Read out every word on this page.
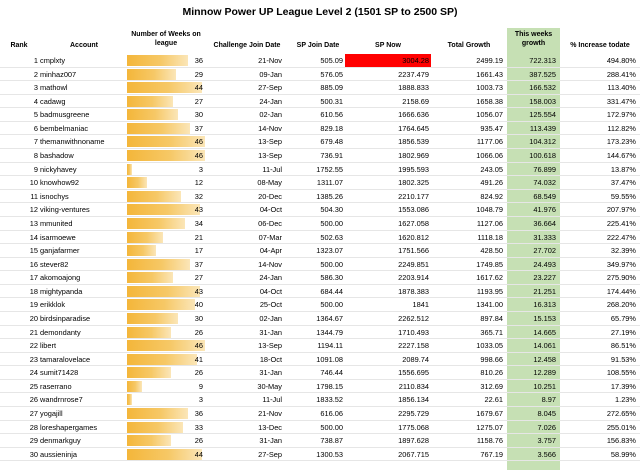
Minnow Power UP League Level 2 (1501 SP to 2500 SP)
Rank	Account
Number of Weeks on league	Challenge Join Date	SP Join Date	SP Now	Total Growth
This weeks growth	% Increase todate
1 cmplxty	36	21-Nov	505.09	3004.28	2499.19	722.313	494.80%
2 minhaz007	29	09-Jan	576.05	2237.479	1661.43	387.525	288.41%
3 mathowl	44	27-Sep	885.09	1888.833	1003.73	166.532	113.40%
4 cadawg	27	24-Jan	500.31	2158.69	1658.38	158.003	331.47%
5 badmusgreene	30	02-Jan	610.56	1666.636	1056.07	125.554	172.97%
6 bembelmaniac	37	14-Nov	829.18	1764.645	935.47	113.439	112.82%
7 themanwithnoname	46	13-Sep	679.48	1856.539	1177.06	104.312	173.23%
8 bashadow	46	13-Sep	736.91	1802.969	1066.06	100.618	144.67%
9 nickyhavey	3	11-Jul	1752.55	1995.593	243.05	76.899	13.87%
10 knowhow92	12	08-May	1311.07	1802.325	491.26	74.032	37.47%
11 isnochys	32	20-Dec	1385.26	2210.177	824.92	68.549	59.55%
12 viking-ventures	43	04-Oct	504.30	1553.086	1048.79	41.976	207.97%
13 mmunited	34	06-Dec	500.00	1627.058	1127.06	36.664	225.41%
14 isarmoewe	21	07-Mar	502.63	1620.812	1118.18	31.333	222.47%
15 ganjafarmer	17	04-Apr	1323.07	1751.566	428.50	27.702	32.39%
16 stever82	37	14-Nov	500.00	2249.851	1749.85	24.493	349.97%
17 akomoajong	27	24-Jan	586.30	2203.914	1617.62	23.227	275.90%
18 mightypanda	43	04-Oct	684.44	1878.383	1193.95	21.251	174.44%
19 erikklok	40	25-Oct	500.00	1841	1341.00	16.313	268.20%
20 birdsinparadise	30	02-Jan	1364.67	2262.512	897.84	15.153	65.79%
21 demondanty	26	31-Jan	1344.79	1710.493	365.71	14.665	27.19%
22 libert	46	13-Sep	1194.11	2227.158	1033.05	14.061	86.51%
23 tamaralovelace	41	18-Oct	1091.08	2089.74	998.66	12.458	91.53%
24 sumit71428	26	31-Jan	746.44	1556.695	810.26	12.289	108.55%
25 raserrano	9	30-May	1798.15	2110.834	312.69	10.251	17.39%
26 wandrnrose7	3	11-Jul	1833.52	1856.134	22.61	8.97	1.23%
27 yogajill	36	21-Nov	616.06	2295.729	1679.67	8.045	272.65%
28 loreshapergames	33	13-Dec	500.00	1775.068	1275.07	7.026	255.01%
29 denmarkguy	26	31-Jan	738.87	1897.628	1158.76	3.757	156.83%
30 aussieninja	44	27-Sep	1300.53	2067.715	767.19	3.566	58.99%
